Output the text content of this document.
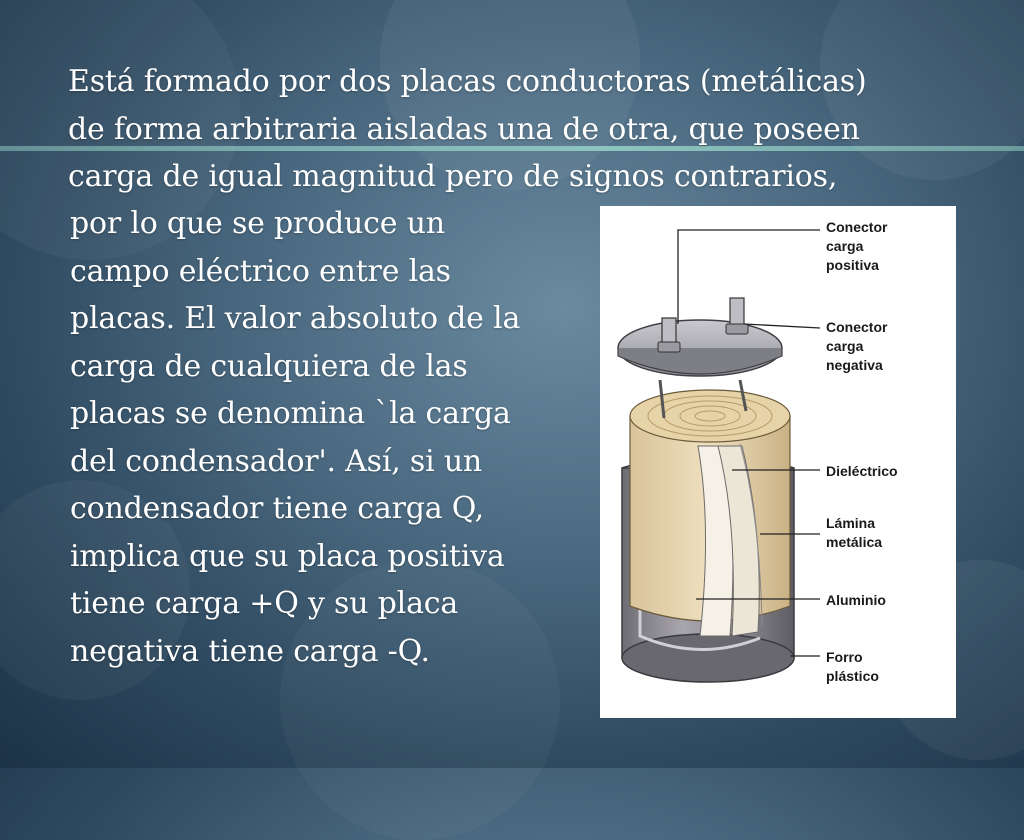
Está formado por dos placas conductoras (metálicas)
de forma arbitraria aisladas una de otra, que poseen
carga de igual magnitud pero de signos contrarios,

por lo que se produce un
campo eléctrico entre las
placas. El valor absoluto de la
carga de cualquiera de las
placas se denomina `la carga
del condensador'. Así, si un
condensador tiene carga Q,
implica que su placa positiva
tiene carga +Q y su placa
negativa tiene carga -Q.

Conector carga positiva
Conector carga negativa
Dieléctrico
Lámina metálica
Aluminio
Forro plástico
